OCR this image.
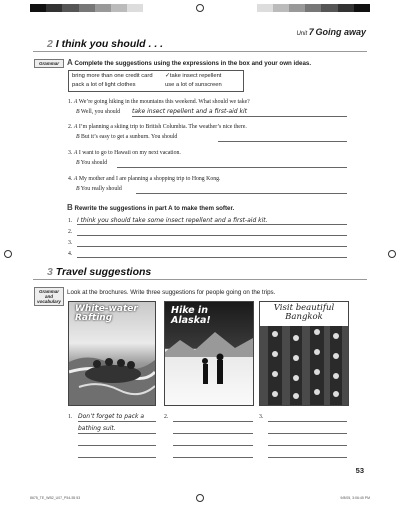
Unit 7 Going away
2 I think you should . . .
Grammar	A Complete the suggestions using the expressions in the box and your own ideas.
bring more than one credit card ✓take insect repellent
pack a lot of light clothes	use a lot of sunscreen
1. A We’re going hiking in the mountains this weekend. What should we take?
B Well, you should take insect repellent and a first-aid kit
2. A I’m planning a skiing trip to British Columbia. The weather’s nice there.
B But it’s easy to get a sunburn. You should
3. A I want to go to Hawaii on my next vacation.
B You should
4. A My mother and I are planning a shopping trip to Hong Kong.
B You really should
B Rewrite the suggestions in part A to make them softer.
1. I think you should take some insect repellent and a first-aid kit.
2.
3.
4.
3 Travel suggestions
Grammar and vocabulary
Look at the brochures. Write three suggestions for people going on the trips.
White-water Rafting
Hike in Alaska!
Visit beautiful Bangkok
1. Don’t forget to pack a
bathing suit.
2.	3.
53
8675_TE_WB2_U07_P54-55 53	9/8/05, 3:06:45 PM
